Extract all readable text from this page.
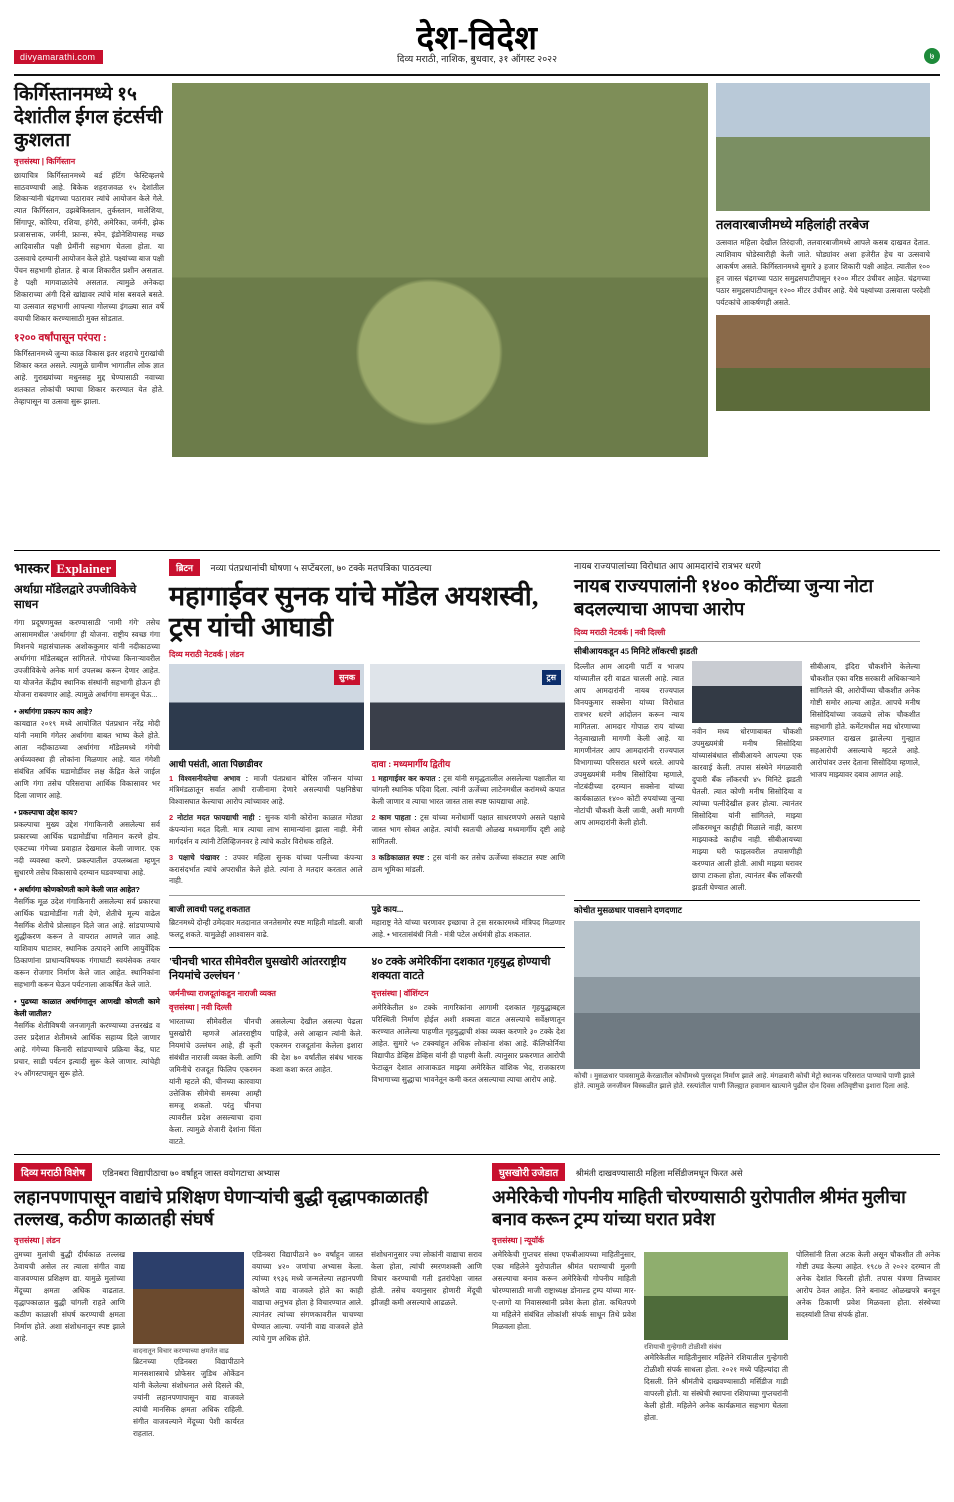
देश-विदेश
divyamarathi.com	दिव्य मराठी, नाशिक, बुधवार, ३१ ऑगस्ट २०२२	७
किर्गिस्तानमध्ये १५ देशांतील ईगल हंटर्सची कुशलता
वृत्तसंस्था | किर्गिस्तान
छायाचित्र किर्गिस्तानमध्ये बर्ड हंटिंग फेस्टिव्हलचे साठवण्याची आहे. बिकेक शहराजवळ १५ देशांतील शिकाऱ्यांनी चंद्रगच्या पठारावर त्यांचे आयोजन केले गेले. त्यात किर्गिस्तान, उझबेकिस्तान, तुर्कस्तान, मालेशिया, सिंगापूर, कोरिया, रशिया, हंगेरी, अमेरिका, जर्मनी, झेक प्रजासत्ताक, जर्मनी, फ्रान्स, स्पेन, इंडोनेशियासह मच्छ आदिवासीत पक्षी प्रेमींनी सहभाग घेतला होता. या उत्सवाचे दरम्यानी आयोजन केले होते. पक्ष्यांच्या बाज पक्षी पेंचन सहभागी होतात. हे बाज शिकारीत प्रशीन असतात. हे पक्षी मागवाळातेचे असतात. त्यामुळे अनेकदा शिकाराच्या अंगी दिसे खांद्यावर त्यांचे मांस बसवले बसते. या उत्सवात सहभागी आपल्या गोलच्या इंगळ्या सात वर्षे वयाची शिकार करण्यासाठी मुक्त सोडतात.
१२०० वर्षांपासून परंपरा :
किर्गिस्तानमध्ये जुन्या काळ विकास इतर शहराचे गुराखांची शिकार करत असले. त्यामुळे ग्रामीण भागातील लोक ज्ञात आहे. गुराख्यांच्या मधुनसह मुद्द घेण्यासाठी नवाच्या शतकात लोकांची फ्याचा शिकार करण्यात येत होते. तेव्हापासून या उत्सवा सुरू झाला.
तलवारबाजीमध्ये महिलांही तरबेज
उत्सवात महिला देखील तिरंदाजी, तलवारबाजीमध्ये आपले कसब दाखवत देतात. त्याशिवाय घोडेस्वारीही केली जाते. घोड्यांवर अशा हजेरीत हेच या उत्सवाचे आकर्षण असते. किर्गिस्तानमध्ये सुमारे ३ हजार शिकारी पक्षी आहेत. त्यातील १०० हून जास्त चंद्रगच्या पठार समुद्रसपाटीपासून १२०० मीटर उंचीवर आहेत. चंद्रगच्या पठार समुद्रसपाटीपासून १२०० मीटर उंचीवर आहे. येथे पक्ष्यांच्या उत्सवाला परदेशी पर्यटकांचे आकर्षणही असते.
भास्कर Explainer
अर्थाग्रा मॉडेलद्वारे उपजीविकेचे साधन
गंगा प्रदूषणमुक्त करण्यासाठी 'नामी गंगे' तसेच आसाममधील 'अर्थागंगा' ही योजना. राष्ट्रीय स्वच्छ गंगा मिशनचे महासंचालक अशोककुमार यांनी नदीकाठच्या अर्थागंगा मॉडेलबद्दल सांगितले. गोपंच्या किनाऱ्यावरील उपजीविकेचे अनेक मार्ग उपलब्ध करून देणार आहेत. या योजनेत केंद्रीय स्थानिक संस्थांनी सहभागी होऊन ही योजना राबवणार आहे. त्यामुळे अर्थागंगा समजून घेऊ...
• अर्थागंगा प्रकल्प काय आहे?
कायद्यात २०१९ मध्ये आयोजित पंतप्रधान नरेंद्र मोदी यांनी नमामि गंगेतर अर्थागंगा बाबत भाष्य केले होते. आता नदीकाठच्या अर्थागंगा मॉडेलमध्ये गंगेची अर्थव्यवस्था ही लोकांना मिळणार आहे. यात गंगेशी संबंधित अर्थिक घडामोडींवर लक्ष केंद्रित केले जाईल आणि गंगा तसेच परिसराचा आर्थिक विकासावर भर दिला जाणार आहे.
• प्रकल्पाचा उद्देश काय?
प्रकल्पाचा मुख्य उद्देश गंगाकिनारी असलेल्या सर्व प्रकारच्या आर्थिक घडामोडींचा गतिमान करणे होय. एकटच्या गंगेच्या प्रवाहात देखमाल केली जाणार. एक नदी व्यवस्था करणे. प्रकल्पातील उपलब्धता म्हणून सुधारणे तसेच विकासाचे दरम्यान घडवण्याचा आहे.
• अर्थागंगा कोणकोणती कामे केली जात आहेत?
नैसर्गिक मूळ उदेश गंगाकिनारी असलेल्या सर्व प्रकारचा आर्थिक घडामोडींना गती देणे, शेतीचे मूल्य वाढेल नैसर्गिक शेतीचे प्रोत्साहन दिले जात आहे. सांडपाण्याचे शुद्धीकरण करून ते वापरात आणले जात आहे. याशिवाय घाटावर, स्थानिक उत्पादने आणि आयुर्वेदिक ठिकाणांना प्राधान्यविषयक गंगाघाटी स्वयंसेवक तयार करून रोजगार निर्माण केले जात आहेत. स्थानिकांना सहभागी करून घेऊन पर्यटनाला आकर्षित केले जाते.
• पुढच्या काळात अर्थागंगातून आणखी कोणती कामे केली जातील?
नैसर्गिक शेतीविषयी जनजागृती करण्याच्या उत्तरखंड व उत्तर प्रदेशात शेतीमध्ये आर्थिक सहाय्य दिले जाणार आहे. गंगेच्या किनारी सांडपाण्याचे प्रक्रिया केंद्र, घाट प्रचार, साडी पर्यटन इत्यादी सुरू केले जाणार. त्यांचेही २५ ऑगस्टपासून सुरू होते.
ब्रिटन नव्या पंतप्रधानांची घोषणा ५ सप्टेंबरला, ७० टक्के मतपत्रिका पाठवल्या
महागाईवर सुनक यांचे मॉडेल अयशस्वी, ट्रस यांची आघाडी
दिव्य मराठी नेटवर्क | लंडन
सुनक	ट्रस
आधी पसंती, आता पिछाडीवर
1 विश्वसनीयतेचा अभाव : माजी पंतप्रधान बोरिस जॉन्सन यांच्या मंत्रिमंडळातून सर्वात आधी राजीनामा देणारे असल्याची पक्षनिष्ठेचा विश्वासघात केल्याचा आरोप त्यांच्यावर आहे.
2 नोटांत मदत फायद्याची नाही : सुनक यांनी कोरोना काळात मोठ्या कंपन्यांना मदत दिली. मात्र त्याचा लाभ सामान्यांना झाला नाही. मेनी मार्गदर्शन व त्यांनी टेलिव्हिजनवर हे त्यांचे कठोर विरोधक राहिले.
3 पक्षाचे पंखावर : उपवर महिला सुनक यांच्या पत्नीच्या कंपन्या करासंदर्भात त्यांचे अपराधीत केले होते. त्यांना ते मतदार करतात आले नाही.
दावा : मध्यमार्गीय द्वितीय
1 महागाईवर कर कपात : ट्रस यांनी समृद्धतालील असलेल्या पक्षातील या चांगली स्थानिक पदिवा दिला. त्यांनी ऊर्जेच्या लाटेनमधील करांमध्ये कपात केली जाणार व त्याचा भारत जास्त तास स्पष्ट फायद्याचा आहे.
2 काम पाहता : ट्रस यांच्या मनोधार्मी पक्षात साधरणपणे असले पक्षाचे जास्त भाग सोबत आहेत. त्यांची स्वतःची ओळख मध्यमार्गीय दृष्टी आहे सांगितली.
3 कडिकाळात स्पष्ट : ट्रस यांनी कर तसेच ऊर्जेच्या संकटात स्पष्ट आणि ठाम भूमिका मांडली.
बाजी लावधी पलटू शकतात
ब्रिटनमध्ये दोन्ही उमेदवार मतदानात जनतेसमोर स्पष्ट माहिती मांडली. बाजी फलटू शकते. यामुळेही आश्वासन वाढे.
पुढे काय...
महाराष्ट्र नेते यांच्या चरणावर इच्छाचा ते ट्रस सरकारमध्ये मंत्रिपद मिळणार आहे. • भारतासंबंधी निती - मंत्री पटेल अर्थमंत्री होऊ शकतात.
'चीनची भारत सीमेवरील घुसखोरी आंतरराष्ट्रीय नियमांचे उल्लंघन '
जर्मनीच्या राजदूतांकडून नाराजी व्यक्त
वृत्तसंस्था | नवी दिल्ली
भारताच्या सीमेवरील चीनची घुसखोरी म्हणजे आंतरराष्ट्रीय नियमांचे उल्लंघन आहे, ही कृती संबंधीत नाराजी व्यक्त केली. आणि जमिनीचे राजदूत फिलिप एकरमन यांनी म्हटले की, चीनच्या कारवाया उत्तेजिक सीमेची समस्या आम्ही समजू शकतो. परंतु चीनचा त्यावरील प्रदेश असल्याचा दावा केला. त्यामुळे शेजारी देशांना चिंता वाटते.
असलेल्या देखील असल्या पेढला पाहिजे, असे आव्हान त्यांनी केले. एकरमन राजदूतांना केलेला इशारा की देश ७० वर्षांतील संबंध भारक कशा कशा करत आहेत.
४० टक्के अमेरिकींना दशकात गृहयुद्ध होण्याची शक्यता वाटते
वृत्तसंस्था | वॉशिंग्टन
अमेरिकेतील ४० टक्के नागरिकांना आगामी दशकात गृहयुद्धाबद्दल परिस्थिती निर्माण होईल अशी शक्यता वाटत असल्याचे सर्वेक्षणातून करण्यात आलेल्या पाहणीत गृहयुद्धाची शंका व्यक्त करणारे ३० टक्के देश आहेत. सुमारे ५० टक्क्यांहून अधिक लोकांना शंका आहे. कॅलिफोर्निया विद्यापीठ डेव्हिस डेव्हिस यांनी ही पाहणी केली. त्यानुसार प्रकरणात आरोपी फेटाळून देशात आजाकडत माझ्या अमेरिकेत वांशिक भेद, राजकारण विभागाच्या सुद्धाचा भावनेतून कमी करत असल्याचा त्याचा आरोप आहे.
नायब राज्यपालांच्या विरोधात आप आमदारांचे रात्रभर धरणे
नायब राज्यपालांनी १४०० कोटींच्या जुन्या नोटा बदलल्याचा आपचा आरोप
दिव्य मराठी नेटवर्क | नवी दिल्ली
सीबीआयकडून 45 मिनिटे लॉकरची झडती
दिल्लीत आम आदमी पार्टी व भाजप यांच्यातील दरी वाढत चालली आहे. त्यात आप आमदारांनी नायब राज्यपाल विनयकुमार सक्सेना यांच्या विरोधात रात्रभर धरणे आंदोलन करून न्याय मागितला. आमदार गोपाळ राय यांच्या नेतृत्वाखाली मागणी केली आहे. या मागणीनंतर आप आमदारांनी राज्यपाल विभागाच्या परिसरात धरणे धरले. आपचे उपमुख्यमंत्री मनीष सिसोदिया म्हणाले, नोटबंदीच्या दरम्यान सक्सेना यांच्या कार्यकाळात १४०० कोटी रुपयांच्या जुन्या नोटांची चौकशी केली जावी, अशी मागणी आप आमदारांनी केली होती.
नवीन मध्य धोरणाबाबत चौकशी उपमुख्यमंत्री मनीष सिसोदिया यांच्यासंबंधात सीबीआयने आपल्या एक कारवाई केली. तपास संस्थेने मंगळवारी दुपारी बँक लॉकरची ४५ मिनिटे झडती घेतली. त्यात कोणी मनीष सिसोदिया व त्यांच्या पत्नीदेखील हजर होत्या. त्यानंतर सिसोदिया यांनी सांगितले, माझ्या लॉकरमधून काहीही मिळाले नाही, कारण माझ्याकडे काहीच नाही. सीबीआयच्या माझ्या घरी फाइलवरील तपासणीही करण्यात आली होती. आधी माझ्या घरावर छापा टाकला होता, त्यानंतर बँक लॉकरची झडती घेण्यात आली.
सीबीआय, इंदिरा चौकशीने केलेल्या चौकशीत एका वरिष्ठ सरकारी अधिकाऱ्याने सांगितले की, आरोपींच्या चौकशीत अनेक गोष्टी समोर आल्या आहेत. आपचे मनीष सिसोदियांच्या जवळचे लोक चौकशीत सहभागी होते. कमेंटमधील मद्य धोरणाच्या प्रकरणात दाखल झालेल्या गुन्ह्यात सहआरोपी असल्याचे म्हटले आहे. आरोपांवर उत्तर देताना सिसोदिया म्हणाले, भाजप माझ्यावर दबाव आणत आहे.
कोचीत मुसळधार पावसाने दणदणाट
कोची । मुसळधार पावसामुळे केरळातील कोचीमध्ये पुरसदृश निर्माण झाले आहे. मंगळवारी कोची मेट्रो स्थानक परिसरात पाण्याचे पाणी झाले होते. त्यामुळे जनजीवन विस्कळीत झाले होते. रस्त्यांतील पाणी जिल्ह्यात हवामान खात्याने पुढील दोन दिवस अतिवृष्टीचा इशारा दिला आहे.
दिव्य मराठी विशेष एडिनबरा विद्यापीठाचा ७० वर्षांहून जास्त वयोगटाचा अभ्यास
लहानपणापासून वाद्यांचे प्रशिक्षण घेणाऱ्यांची बुद्धी वृद्धापकाळातही तल्लख, कठीण काळातही संघर्ष
वृत्तसंस्था | लंडन
तुमच्या मुलांची बुद्धी दीर्घकाळ तल्लख ठेवायची असेल तर त्याला संगीत वाद्य वाजवण्यास प्रशिक्षण द्या. यामुळे मुलांच्या मेंदूच्या क्षमता अधिक वाढतात. वृद्धापकाळात बुद्धी चांगली राहते आणि कठीण काळाशी संघर्ष करण्याची क्षमता निर्माण होते. अशा संशोधनातून स्पष्ट झाले आहे.
वादनातून विचार करण्याच्या क्षमतेत वाढ
ब्रिटनच्या एडिनबरा विद्यापीठाने मानसशास्त्राचे प्रोफेसर जुडिथ ओकेंडन यांनी केलेल्या संशोधनात असे दिसले की, ज्यांनी लहानपणापासून वाद्य वाजवले त्यांची मानसिक क्षमता अधिक राहिली. संगीत वाजवल्याने मेंदूच्या पेशी कार्यरत राहतात.
एडिनबरा विद्यापीठाने ७० वर्षांहून जास्त वयाच्या ४२० जणांचा अभ्यास केला. त्यांच्या १९३६ मध्ये जन्मलेल्या लहानपणी कोणते वाद्य वाजवले होते का काही वाद्याचा अनुभव होता हे विचारण्यात आले. त्यानंतर त्यांच्या संगणकावरील चाचण्या घेण्यात आल्या. ज्यांनी वाद्य वाजवले होते त्यांचे गुण अधिक होते.
संशोधनानुसार ज्या लोकांनी वाद्याचा सराव केला होता, त्यांची स्मरणशक्ती आणि विचार करण्याची गती इतरांपेक्षा जास्त होती. तसेच वयानुसार होणारी मेंदूची झीजही कमी असल्याचे आढळले.
घुसखोरी उजेडात श्रीमंती दाखवण्यासाठी महिला मर्सिडीजमधून फिरत असे
अमेरिकेची गोपनीय माहिती चोरण्यासाठी युरोपातील श्रीमंत मुलीचा बनाव करून ट्रम्प यांच्या घरात प्रवेश
वृत्तसंस्था | न्यूयॉर्क
अमेरिकेची गुप्तचर संस्था एफबीआयच्या माहितीनुसार, एका महिलेने युरोपातील श्रीमंत घराण्याची मुलगी असल्याचा बनाव करून अमेरिकेची गोपनीय माहिती चोरण्यासाठी माजी राष्ट्राध्यक्ष डोनाल्ड ट्रम्प यांच्या मार-ए-लागो या निवासस्थानी प्रवेश केला होता. कथितपणे या महिलेने संबंधित लोकांशी संपर्क साधून तिथे प्रवेश मिळवला होता.
रशियाची गुन्हेगारी टोळीशी संबंध
अमेरिकेतील माहितीनुसार महिलेने रशियातील गुन्हेगारी टोळीशी संपर्क साधला होता. २०२१ मध्ये पहिल्यांदा ती दिसली. तिने श्रीमंतीचे दाखवण्यासाठी मर्सिडीज गाडी वापरली होती. या संस्थेची स्थापना रशियाच्या गुप्तचरांनी केली होती. महिलेने अनेक कार्यक्रमात सहभाग घेतला होता.
पोलिसांनी तिला अटक केली असून चौकशीत ती अनेक गोष्टी उघड केल्या आहेत. १९८७ ते २०२२ दरम्यान ती अनेक देशांत फिरली होती. तपास यंत्रणा तिच्यावर आरोप ठेवत आहेत. तिने बनावट ओळखपत्रे बनवून अनेक ठिकाणी प्रवेश मिळवला होता. संस्थेच्या सदस्यांशी तिचा संपर्क होता.
